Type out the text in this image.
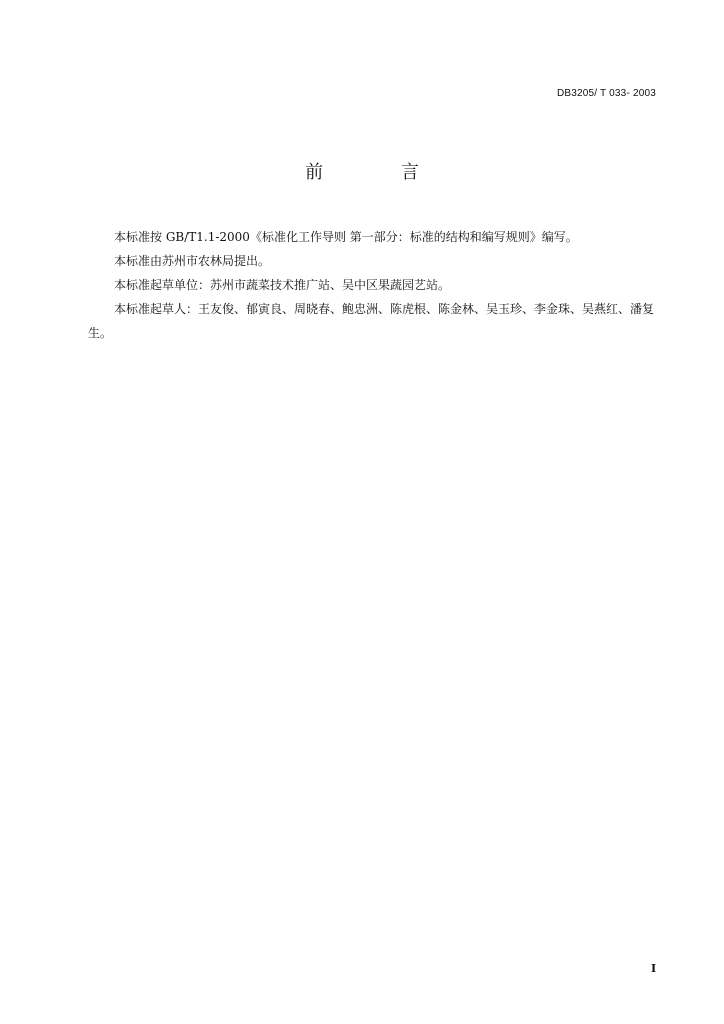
DB3205/ T 033- 2003
前 言

本标准按 GB/T1.1-2000《标准化工作导则 第一部分：标准的结构和编写规则》编写。

本标准由苏州市农林局提出。

本标准起草单位：苏州市蔬菜技术推广站、吴中区果蔬园艺站。

本标准起草人：王友俊、郁寅良、周晓春、鲍忠洲、陈虎根、陈金林、吴玉珍、李金珠、吴燕红、潘复生。

I
